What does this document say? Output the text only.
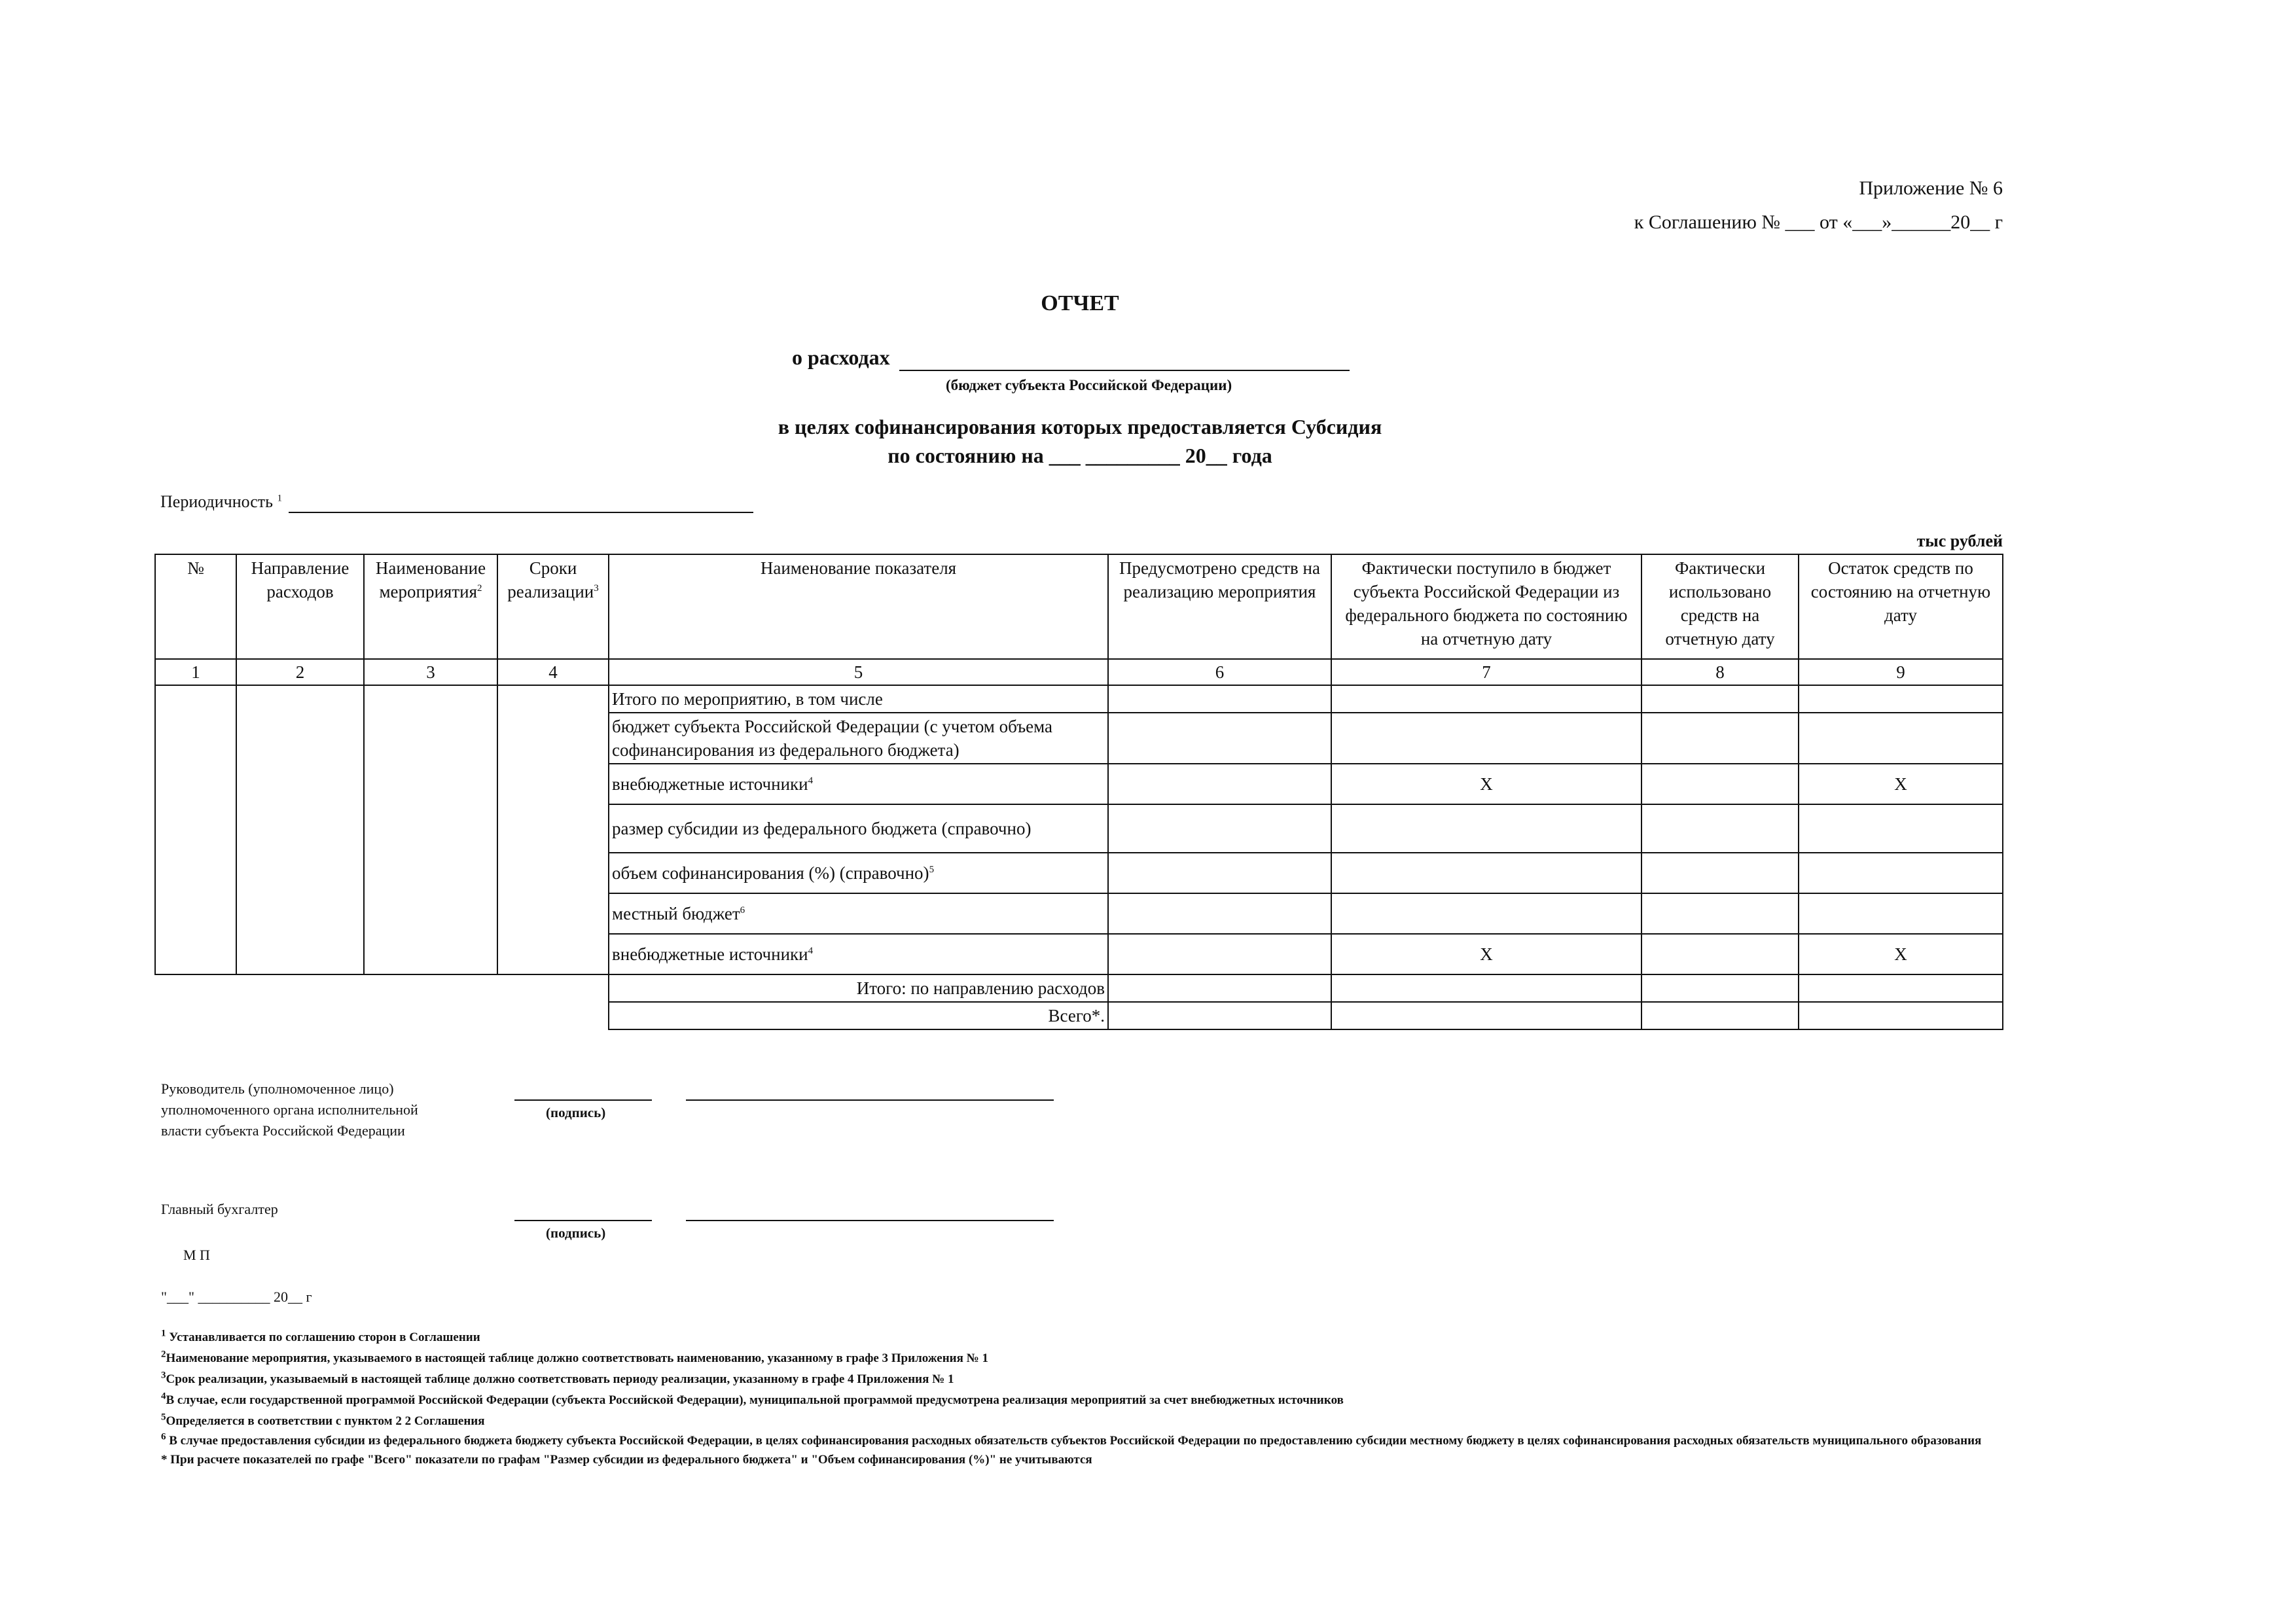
Приложение № 6
к Соглашению № ___ от «___»______20__ г
ОТЧЕТ
о расходах
(бюджет субъекта Российской Федерации)
в целях софинансирования которых предоставляется Субсидия
по состоянию на ___ _________ 20__ года
Периодичность $^1$
тыс рублей
№	Направление расходов	Наименование мероприятия$^2$	Сроки реализации$^3$	Наименование показателя	Предусмотрено средств на реализацию мероприятия	Фактически поступило в бюджет субъекта Российской Федерации из федерального бюджета по состоянию на отчетную дату	Фактически использовано средств на отчетную дату	Остаток средств по состоянию на отчетную дату
1	2	3	4	5	6	7	8	9
				Итого по мероприятию, в том числе				
				бюджет субъекта Российской Федерации (с учетом объема софинансирования из федерального бюджета)				
				внебюджетные источники$^4$		X		X
				размер субсидии из федерального бюджета (справочно)				
				объем софинансирования (%) (справочно)$^5$				
				местный бюджет$^6$				
				внебюджетные источники$^4$		X		X
				Итого: по направлению расходов				
				Всего*.				
Руководитель (уполномоченное лицо)
уполномоченного органа исполнительной
власти субъекта Российской Федерации
(подпись)
Главный бухгалтер
(подпись)
М П
"___" __________ 20__ г
$^1$ Устанавливается по соглашению сторон в Соглашении
$^2$Наименование мероприятия, указываемого в настоящей таблице должно соответствовать наименованию, указанному в графе 3 Приложения № 1
$^3$Срок реализации, указываемый в настоящей таблице должно соответствовать периоду реализации, указанному в графе 4 Приложения № 1
$^4$В случае, если государственной программой Российской Федерации (субъекта Российской Федерации), муниципальной программой предусмотрена реализация мероприятий за счет внебюджетных источников
$^5$Определяется в соответствии с пунктом 2 2 Соглашения
$^6$ В случае предоставления субсидии из федерального бюджета бюджету субъекта Российской Федерации, в целях софинансирования расходных обязательств субъектов Российской Федерации по предоставлению субсидии местному бюджету в целях софинансирования расходных обязательств муниципального образования
* При расчете показателей по графе "Всего" показатели по графам "Размер субсидии из федерального бюджета" и "Объем софинансирования (%)" не учитываются
